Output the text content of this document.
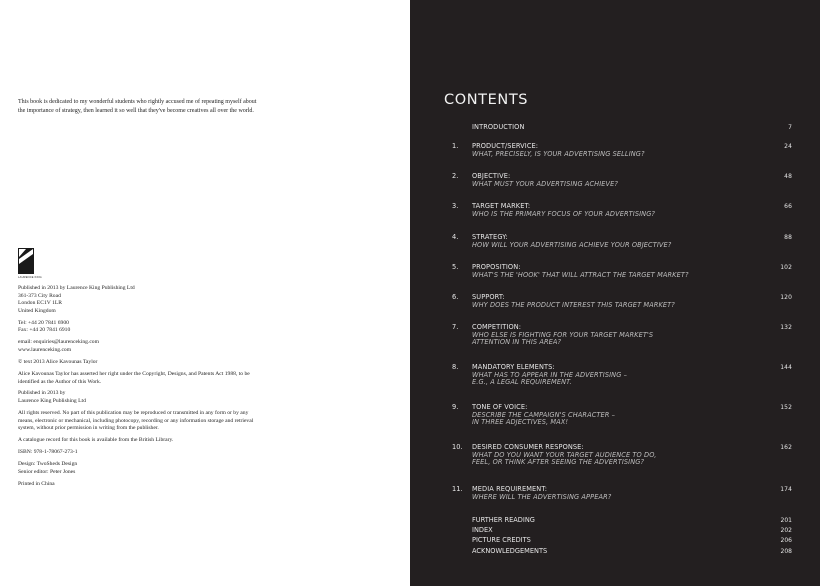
This book is dedicated to my wonderful students who rightly accused me of repeating myself about the importance of strategy, then learned it so well that they've become creatives all over the world.

LAURENCE KING

Published in 2013 by Laurence King Publishing Ltd
361-373 City Road
London EC1V 1LR
United Kingdom

Tel: +44 20 7841 6900
Fax: +44 20 7841 6910

email: enquiries@laurenceking.com
www.laurenceking.com

© text 2013 Alice Kavounas Taylor

Alice Kavounas Taylor has asserted her right under the Copyright, Designs, and Patents Act 1988, to be identified as the Author of this Work.

Published in 2013 by
Laurence King Publishing Ltd

All rights reserved. No part of this publication may be reproduced or transmitted in any form or by any means, electronic or mechanical, including photocopy, recording or any information storage and retrieval system, without prior permission in writing from the publisher.

A catalogue record for this book is available from the British Library.

ISBN: 978-1-78067-273-1

Design: TwoSheds Design
Senior editor: Peter Jones

Printed in China

CONTENTS
INTRODUCTION	7
1.	PRODUCT/SERVICE:
WHAT, PRECISELY, IS YOUR ADVERTISING SELLING?
24
2.	OBJECTIVE:
WHAT MUST YOUR ADVERTISING ACHIEVE?
48
3.	TARGET MARKET:
WHO IS THE PRIMARY FOCUS OF YOUR ADVERTISING?
66
4.	STRATEGY:
HOW WILL YOUR ADVERTISING ACHIEVE YOUR OBJECTIVE?
88
5.	PROPOSITION:
WHAT'S THE 'HOOK' THAT WILL ATTRACT THE TARGET MARKET?
102
6.	SUPPORT:
WHY DOES THE PRODUCT INTEREST THIS TARGET MARKET?
120
7.	COMPETITION:
WHO ELSE IS FIGHTING FOR YOUR TARGET MARKET'S
ATTENTION IN THIS AREA?
132
8.	MANDATORY ELEMENTS:
WHAT HAS TO APPEAR IN THE ADVERTISING –
E.G., A LEGAL REQUIREMENT.
144
9.	TONE OF VOICE:
DESCRIBE THE CAMPAIGN'S CHARACTER –
IN THREE ADJECTIVES, MAX!
152
10.	DESIRED CONSUMER RESPONSE:
WHAT DO YOU WANT YOUR TARGET AUDIENCE TO DO,
FEEL, OR THINK AFTER SEEING THE ADVERTISING?
162
11.	MEDIA REQUIREMENT:
WHERE WILL THE ADVERTISING APPEAR?
174
FURTHER READING	201
INDEX	202
PICTURE CREDITS	206
ACKNOWLEDGEMENTS	208
